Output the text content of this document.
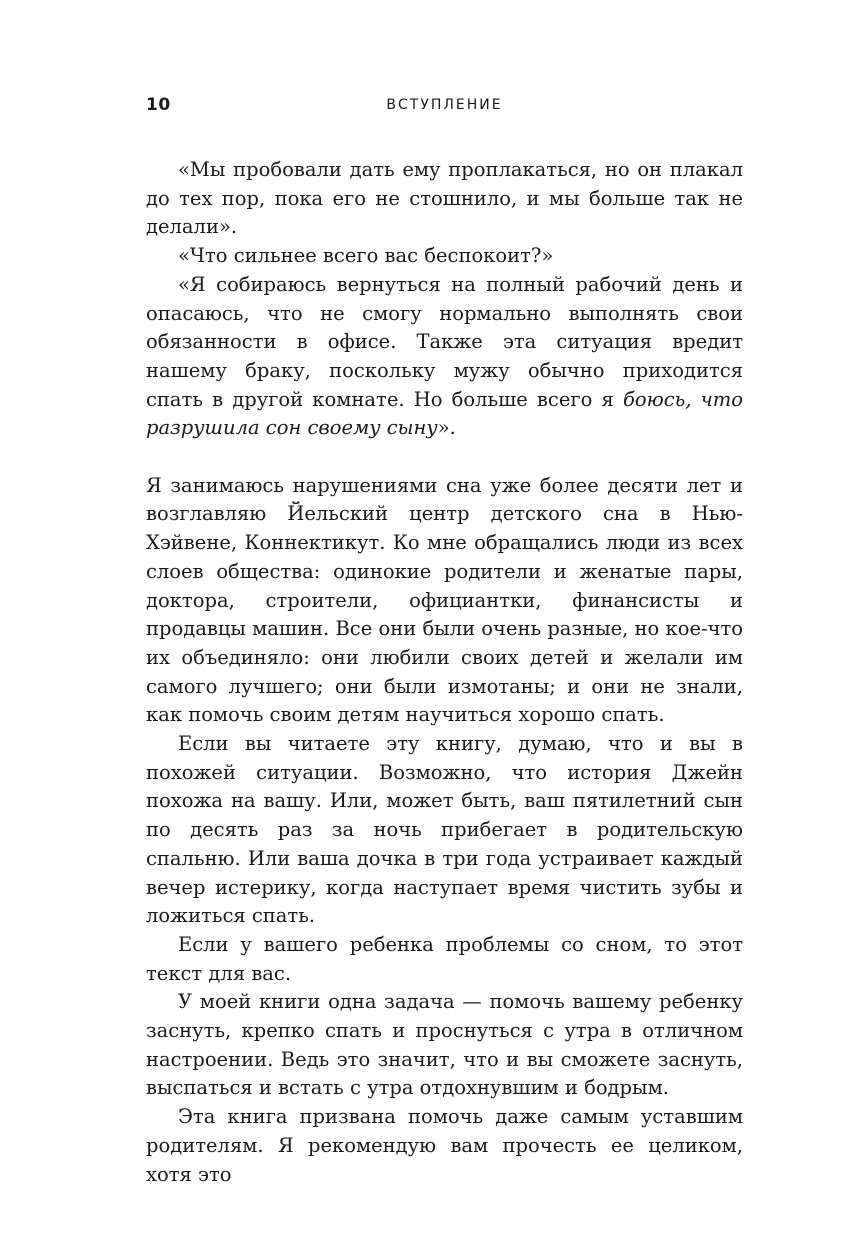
10	ВСТУПЛЕНИЕ

«Мы пробовали дать ему проплакаться, но он плакал до тех пор, пока его не стошнило, и мы больше так не делали».

«Что сильнее всего вас беспокоит?»

«Я собираюсь вернуться на полный рабочий день и опасаюсь, что не смогу нормально выполнять свои обязанности в офисе. Также эта ситуация вредит нашему браку, поскольку мужу обычно приходится спать в другой комнате. Но больше всего я боюсь, что разрушила сон своему сыну».

Я занимаюсь нарушениями сна уже более десяти лет и возглавляю Йельский центр детского сна в Нью-Хэйвене, Коннектикут. Ко мне обращались люди из всех слоев общества: одинокие родители и женатые пары, доктора, строители, официантки, финансисты и продавцы машин. Все они были очень разные, но кое-что их объединяло: они любили своих детей и желали им самого лучшего; они были измотаны; и они не знали, как помочь своим детям научиться хорошо спать.

Если вы читаете эту книгу, думаю, что и вы в похожей ситуации. Возможно, что история Джейн похожа на вашу. Или, может быть, ваш пятилетний сын по десять раз за ночь прибегает в родительскую спальню. Или ваша дочка в три года устраивает каждый вечер истерику, когда наступает время чистить зубы и ложиться спать.

Если у вашего ребенка проблемы со сном, то этот текст для вас.

У моей книги одна задача — помочь вашему ребенку заснуть, крепко спать и проснуться с утра в отличном настроении. Ведь это значит, что и вы сможете заснуть, выспаться и встать с утра отдохнувшим и бодрым.

Эта книга призвана помочь даже самым уставшим родителям. Я рекомендую вам прочесть ее целиком, хотя это
